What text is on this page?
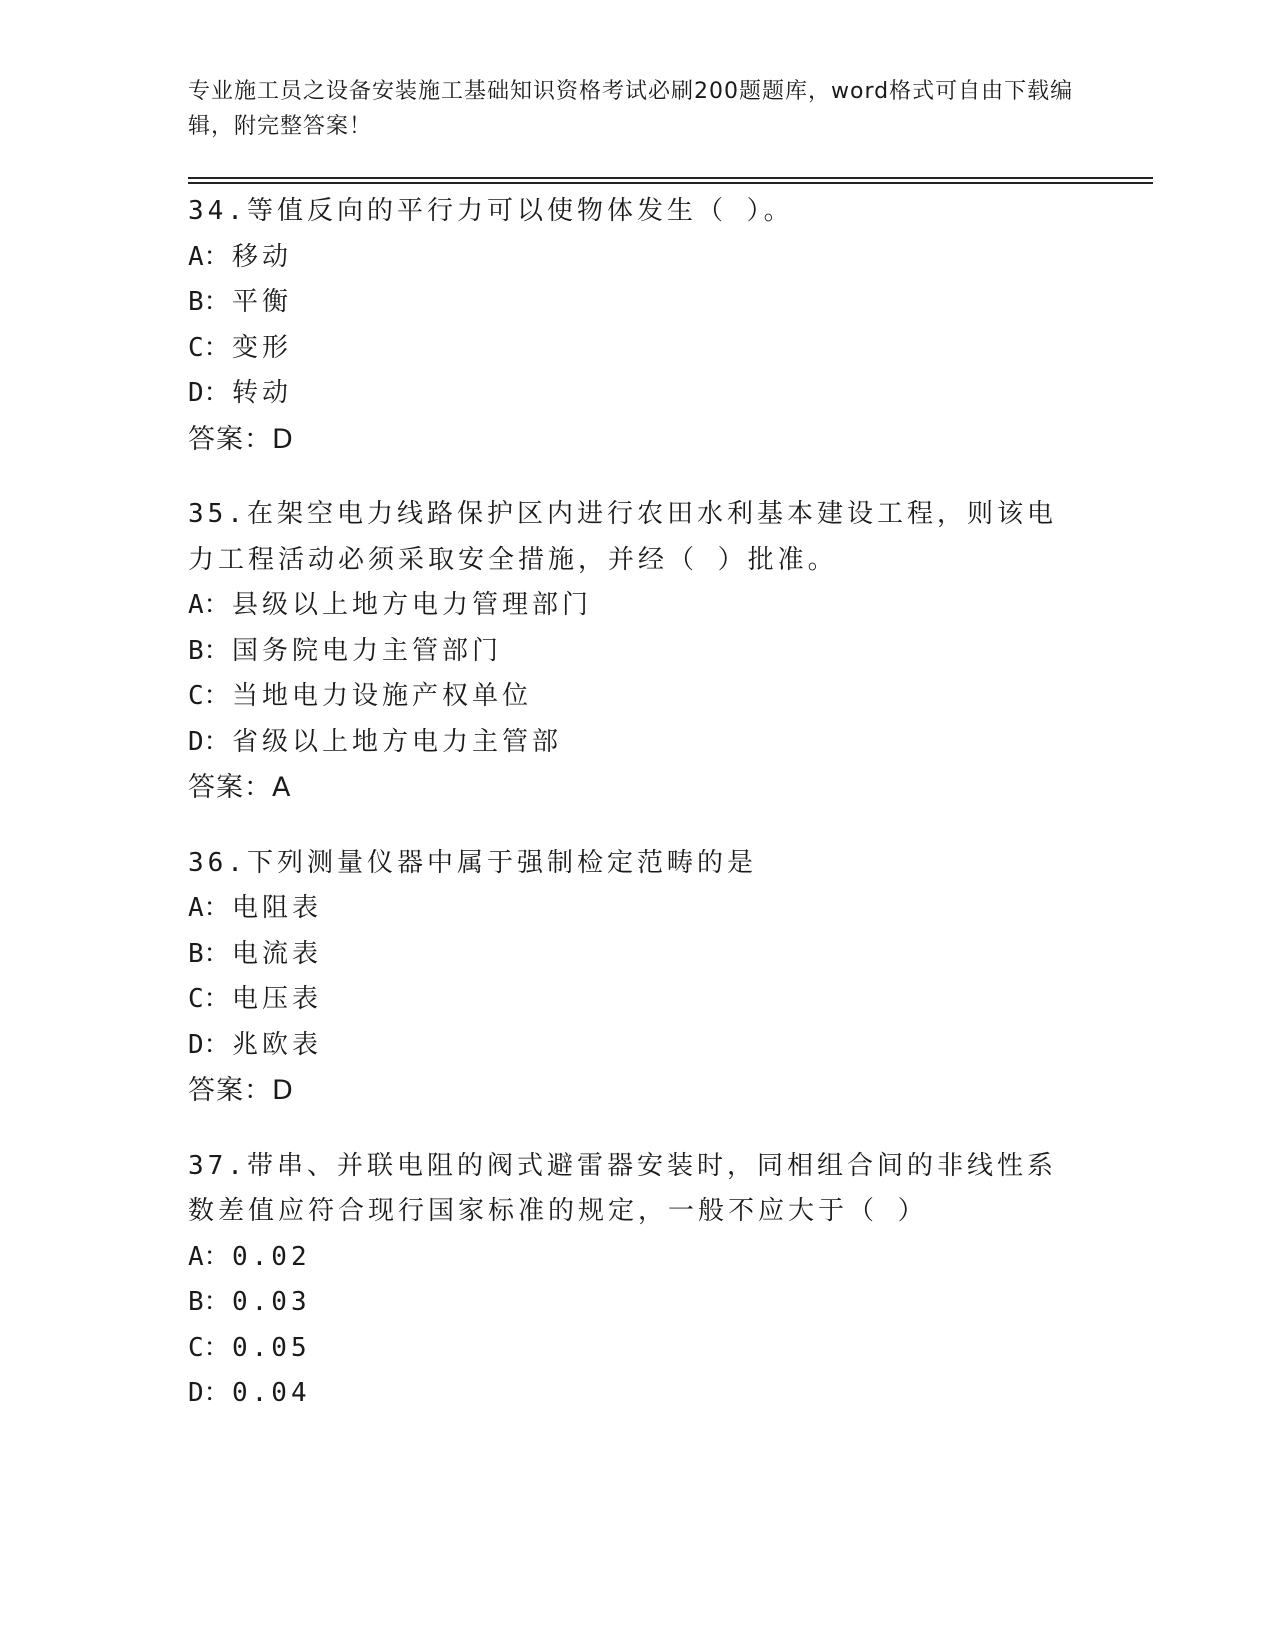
专业施工员之设备安装施工基础知识资格考试必刷200题题库，word格式可自由下载编辑，附完整答案！
34.等值反向的平行力可以使物体发生（ ）。
A：移动
B：平衡
C：变形
D：转动
答案：D
35.在架空电力线路保护区内进行农田水利基本建设工程，则该电力工程活动必须采取安全措施，并经（ ）批准。
A：县级以上地方电力管理部门
B：国务院电力主管部门
C：当地电力设施产权单位
D：省级以上地方电力主管部
答案：A
36.下列测量仪器中属于强制检定范畴的是
A：电阻表
B：电流表
C：电压表
D：兆欧表
答案：D
37.带串、并联电阻的阀式避雷器安装时，同相组合间的非线性系数差值应符合现行国家标准的规定，一般不应大于（ ）
A：0.02
B：0.03
C：0.05
D：0.04
